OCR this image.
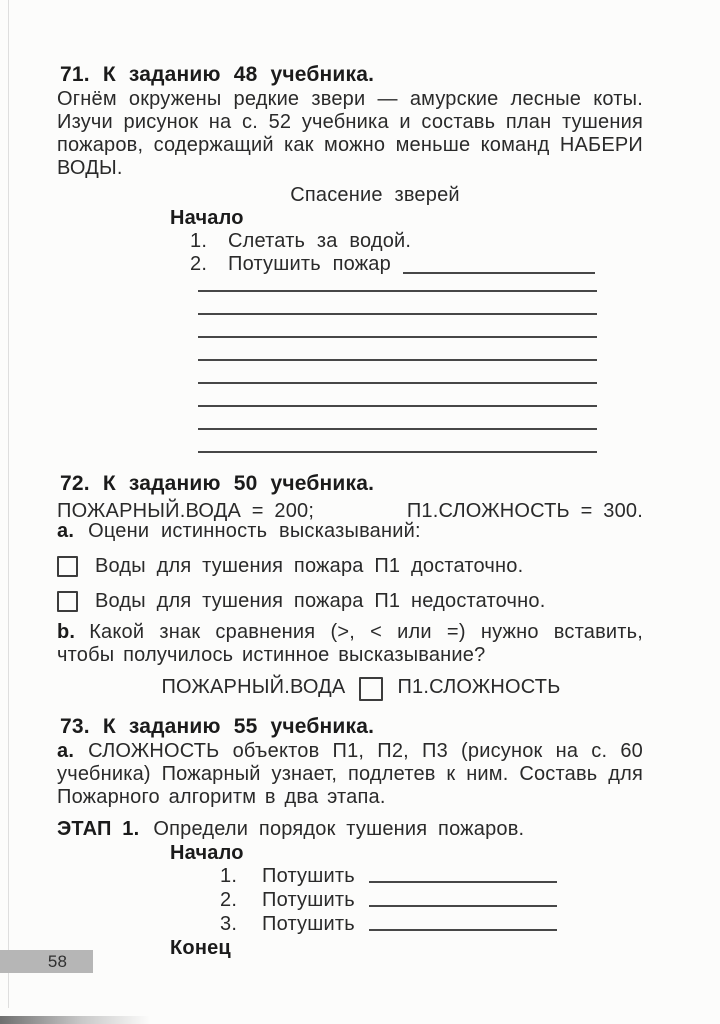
71. К заданию 48 учебника.

Огнём окружены редкие звери — амурские лесные коты. Изучи рисунок на с. 52 учебника и составь план тушения пожаров, содержащий как можно меньше команд НАБЕРИ ВОДЫ.

Спасение зверей
Начало
1.	Слетать за водой.
2.	Потушить пожар
72. К заданию 50 учебника.
ПОЖАРНЫЙ.ВОДА = 200;	П1.СЛОЖНОСТЬ = 300.

a. Оцени истинность высказываний:

Воды для тушения пожара П1 достаточно.
Воды для тушения пожара П1 недостаточно.

b. Какой знак сравнения (>, < или =) нужно вставить, чтобы получилось истинное высказывание?

ПОЖАРНЫЙ.ВОДА	П1.СЛОЖНОСТЬ
73. К заданию 55 учебника.

a. СЛОЖНОСТЬ объектов П1, П2, П3 (рисунок на с. 60 учебника) Пожарный узнает, подлетев к ним. Составь для Пожарного алгоритм в два этапа.

ЭТАП 1. Определи порядок тушения пожаров.

Начало
1.	Потушить
2.	Потушить
3.	Потушить
Конец
58
